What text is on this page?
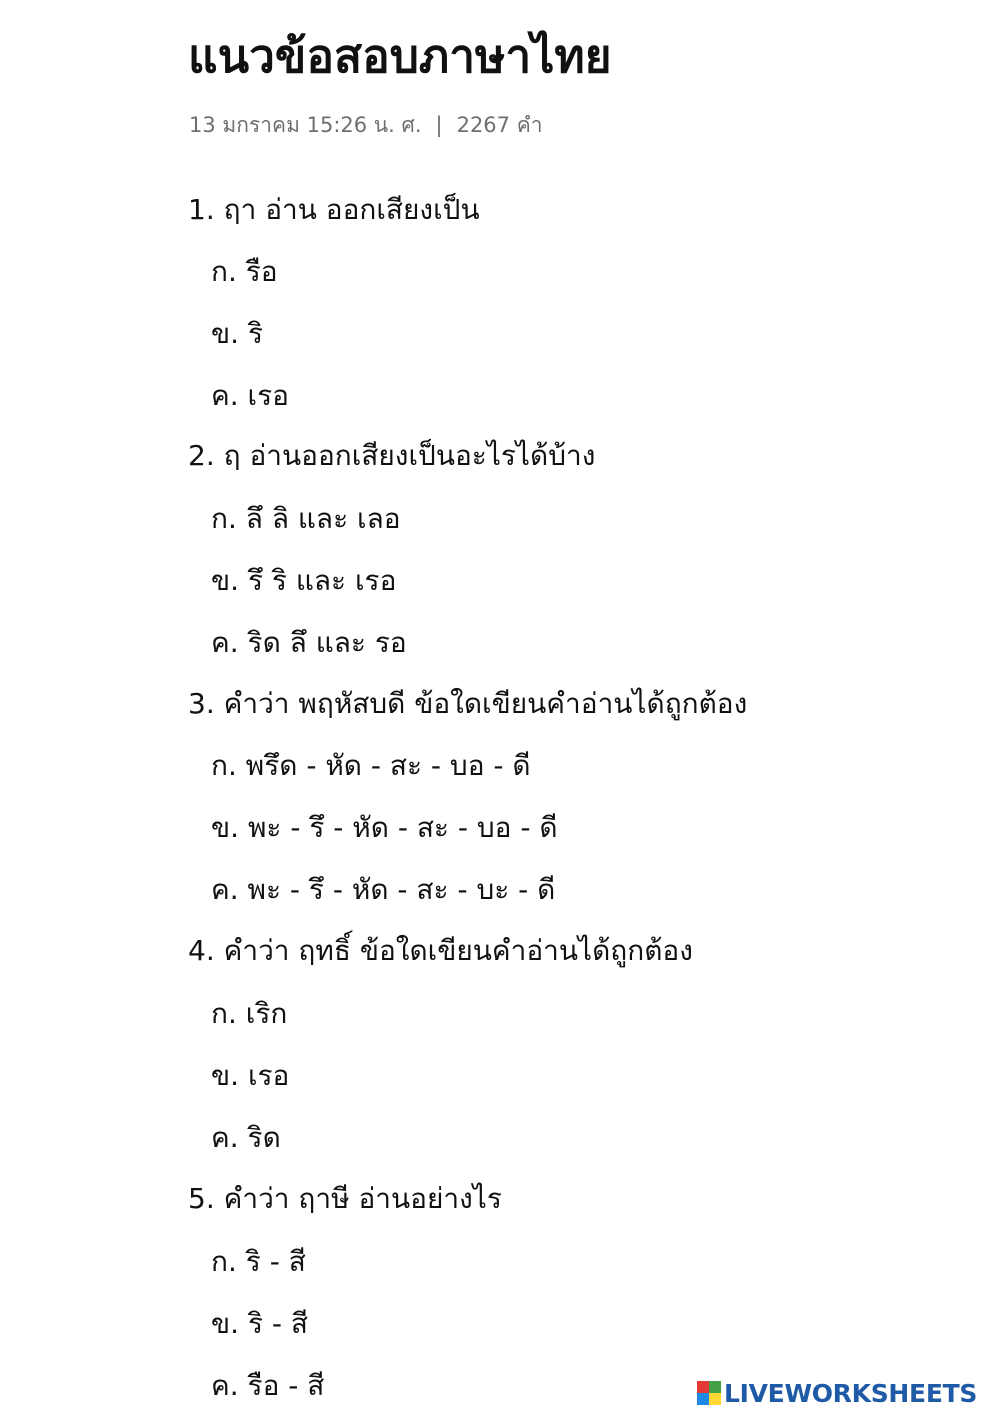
แนวข้อสอบภาษาไทย
13 มกราคม 15:26 น. ศ. | 2267 คำ
1. ฤา อ่าน ออกเสียงเป็น
ก. รือ
ข. ริ
ค. เรอ
2. ฤ อ่านออกเสียงเป็นอะไรได้บ้าง
ก. ลึ ลิ และ เลอ
ข. รึ ริ และ เรอ
ค. ริด ลึ และ รอ
3. คำว่า พฤหัสบดี ข้อใดเขียนคำอ่านได้ถูกต้อง
ก. พรึด - หัด - สะ - บอ - ดี
ข. พะ - รึ - หัด - สะ - บอ - ดี
ค. พะ - รึ - หัด - สะ - บะ - ดี
4. คำว่า ฤทธิ์ ข้อใดเขียนคำอ่านได้ถูกต้อง
ก. เริก
ข. เรอ
ค. ริด
5. คำว่า ฤาษี อ่านอย่างไร
ก. ริ - สี
ข. ริ - สี
ค. รือ - สี	LIVEWORKSHEETS
